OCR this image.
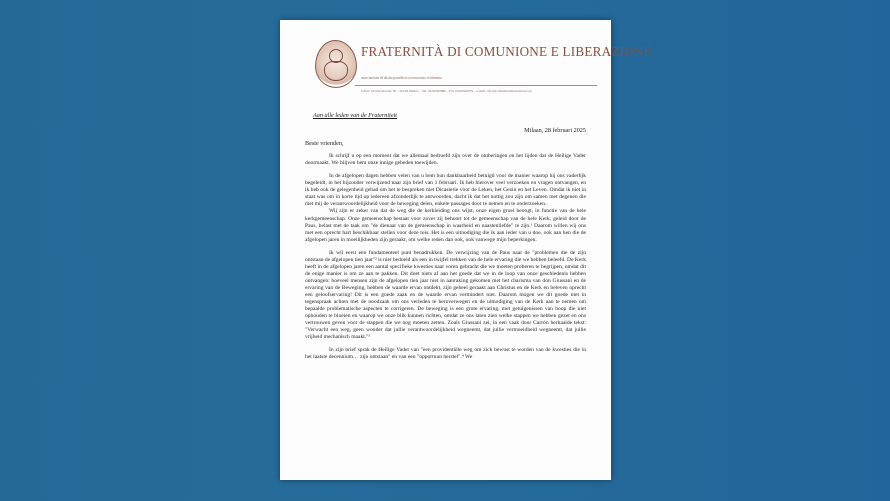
FRATERNITÀ DI COMUNIONE E LIBERAZIONE
associazione di diritto pontificio riconosciuta civilmente
Uffici: Via De Notaris, 50 – 20128 Milano – Tel. 02/66595880 – Fax 02/66594079 – e-mail: clfra@comunioneliberazione.org
Aan alle leden van de Fraterniteit
Milaan, 28 februari 2025
Beste vrienden,

Ik schrijf u op een moment dat we allemaal bedroefd zijn over de ontberingen en het lijden dat de Heilige Vader doormaakt. We blijven hem onze innige gebeden toewijden.

In de afgelopen dagen hebben velen van u hem hun dankbaarheid betuigd voor de manier waarop hij ons vaderlijk begeleidt, in het bijzonder verwijzend naar zijn brief van 1 februari. Ik heb hierover veel verzoeken en vragen ontvangen, en ik heb ook de gelegenheid gehad om het te bespreken met Dicasterie voor de Leken, het Gezin en het Leven. Omdat ik niet in staat was om in korte tijd op iedereen afzonderlijk te antwoorden, dacht ik dat het nuttig zou zijn om samen met degenen die met mij de verantwoordelijkheid voor de beweging delen, enkele passages door te nemen en te onderzoeken.

Wij zijn er zeker van dat de weg die de kerkleiding ons wijst, onze eigen groei beoogt, in functie van de hele kerkgemeenschap. Onze gemeenschap bestaat voor zover zij behoort tot de gemeenschap van de hele Kerk, geleid door de Paus, belast met de taak om "de dienaar van de gemeenschap in waarheid en naastenliefde" te zijn.¹ Daarom willen wij ons met een oprecht hart beschikbaar stellen voor deze reis. Het is een uitnodiging die ik aan ieder van u doe, ook aan hen die de afgelopen jaren in moeilijkheden zijn geraakt, om welke reden dan ook, ook vanwege mijn beperkingen.

Ik wil eerst een fundamenteel punt benadrukken. De verwijzing van de Paus naar de "problemen die de zijn ontstaan de afgelopen tien jaar"² is niet bedoeld als een in twijfel trekken van de hele ervaring die we hebben beleefd. De Kerk heeft in de afgelopen jaren een aantal specifieke kwesties naar voren gebracht die we moeten proberen te begrijpen, omdat dit de enige manier is om ze aan te pakken. Dit doet niets af aan het goede dat we in de loop van onze geschiedenis hebben ontvangen: hoeveel mensen zijn de afgelopen tien jaar niet in aanraking gekomen met het charisma van don Giussani en de ervaring van de Beweging, hebben de waarde ervan ontdekt, zijn geheel geraakt aan Christus en de Kerk en beleven oprecht een geloofservaring! Dit is een goede zaak en de waarde ervan vermindert niet. Daarom mogen we dit goede niet in tegenspraak achten met de noodzaak om ons verleden te heroverwegen en de uitnodiging van de Kerk aan te nemen om bepaalde problematische aspecten te corrigeren. De beweging is een grote ervaring, met getuigenissen van hoop die niet ophouden te bloeien en waarop we onze blik kunnen richten, omdat ze ons laten zien welke stappen we hebben gezet en ons vertrouwen geven voor de stappen die we nog moeten zetten. Zoals Giussani zei, in een vaak door Carrón herhaalde tekst: "Verwacht een weg, geen wonder dat jullie verantwoordelijkheid wegneemt, dat jullie vermoeidheid wegneemt, dat jullie vrijheid mechanisch maakt."³

In zijn brief sprak de Heilige Vader van "een providentiële weg om zich bewust te worden van de kwesties die in het laatste decennium… zijn ontstaan" en van een "opportuun herstel".⁴ We
